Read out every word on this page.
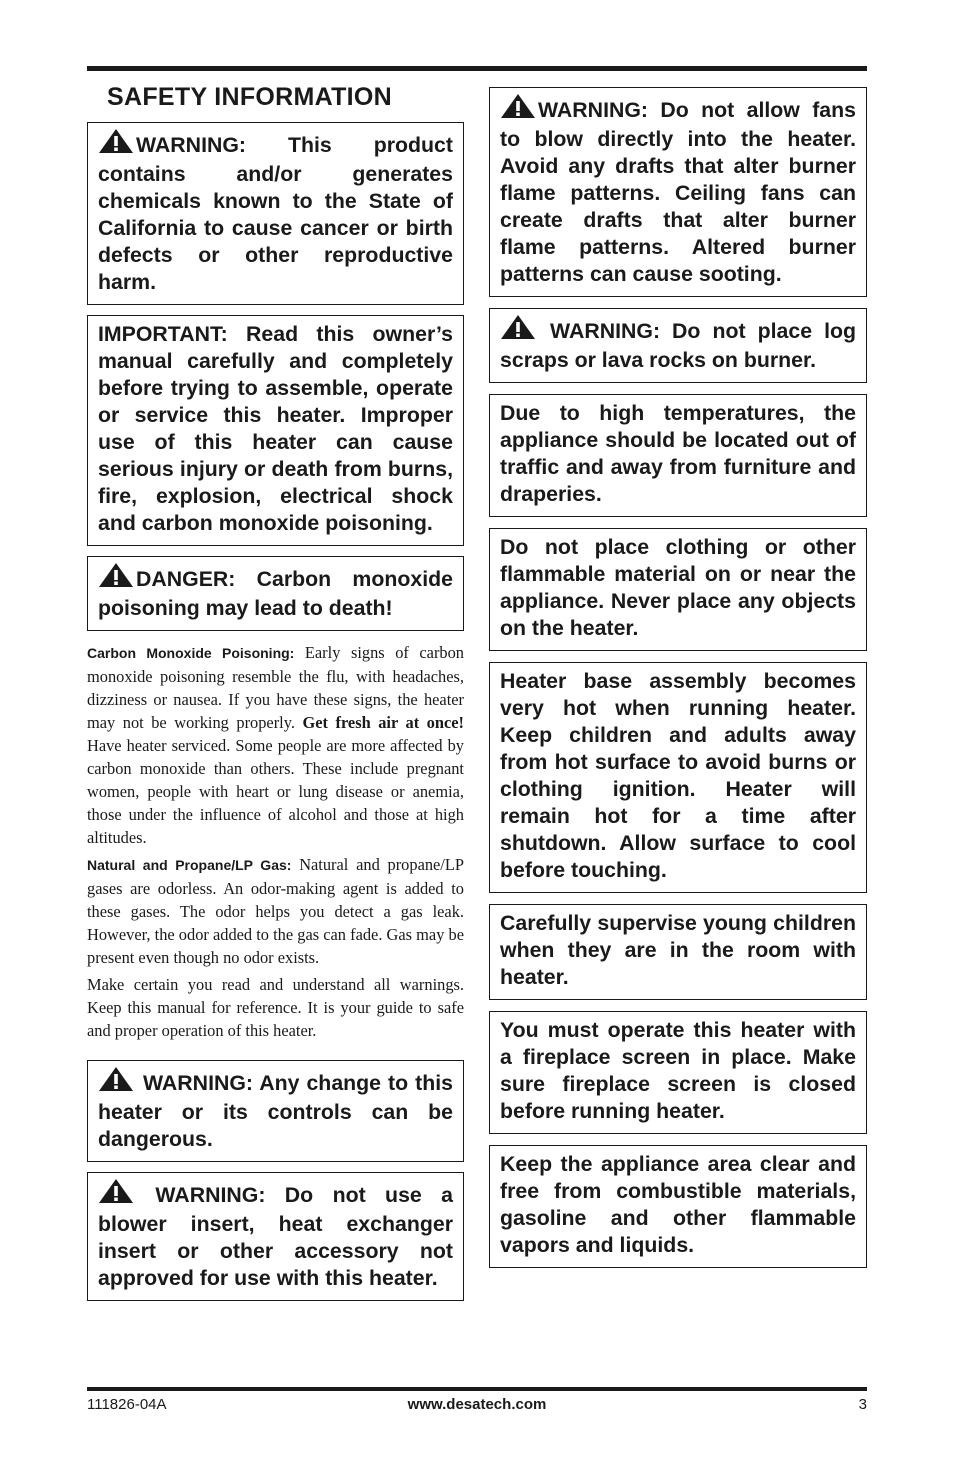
SAFETY INFORMATION
WARNING: This product contains and/or generates chemicals known to the State of California to cause cancer or birth defects or other reproductive harm.
IMPORTANT: Read this owner’s manual carefully and completely before trying to assemble, operate or service this heater. Improper use of this heater can cause serious injury or death from burns, fire, explosion, electrical shock and carbon monoxide poisoning.
DANGER: Carbon monoxide poisoning may lead to death!
Carbon Monoxide Poisoning: Early signs of carbon monoxide poisoning resemble the flu, with headaches, dizziness or nausea. If you have these signs, the heater may not be working properly. Get fresh air at once! Have heater serviced. Some people are more affected by carbon monoxide than others. These include pregnant women, people with heart or lung disease or anemia, those under the influence of alcohol and those at high altitudes.
Natural and Propane/LP Gas: Natural and propane/LP gases are odorless. An odor-making agent is added to these gases. The odor helps you detect a gas leak. However, the odor added to the gas can fade. Gas may be present even though no odor exists.
Make certain you read and understand all warnings. Keep this manual for reference. It is your guide to safe and proper operation of this heater.
WARNING: Any change to this heater or its controls can be dangerous.
WARNING: Do not use a blower insert, heat exchanger insert or other accessory not approved for use with this heater.
WARNING: Do not allow fans to blow directly into the heater. Avoid any drafts that alter burner flame patterns. Ceiling fans can create drafts that alter burner flame patterns. Altered burner patterns can cause sooting.
WARNING: Do not place log scraps or lava rocks on burner.
Due to high temperatures, the appliance should be located out of traffic and away from furniture and draperies.
Do not place clothing or other flammable material on or near the appliance. Never place any objects on the heater.
Heater base assembly becomes very hot when running heater. Keep children and adults away from hot surface to avoid burns or clothing ignition. Heater will remain hot for a time after shutdown. Allow surface to cool before touching.
Carefully supervise young children when they are in the room with heater.
You must operate this heater with a fireplace screen in place. Make sure fireplace screen is closed before running heater.
Keep the appliance area clear and free from combustible materials, gasoline and other flammable vapors and liquids.
111826-04A	www.desatech.com	3
